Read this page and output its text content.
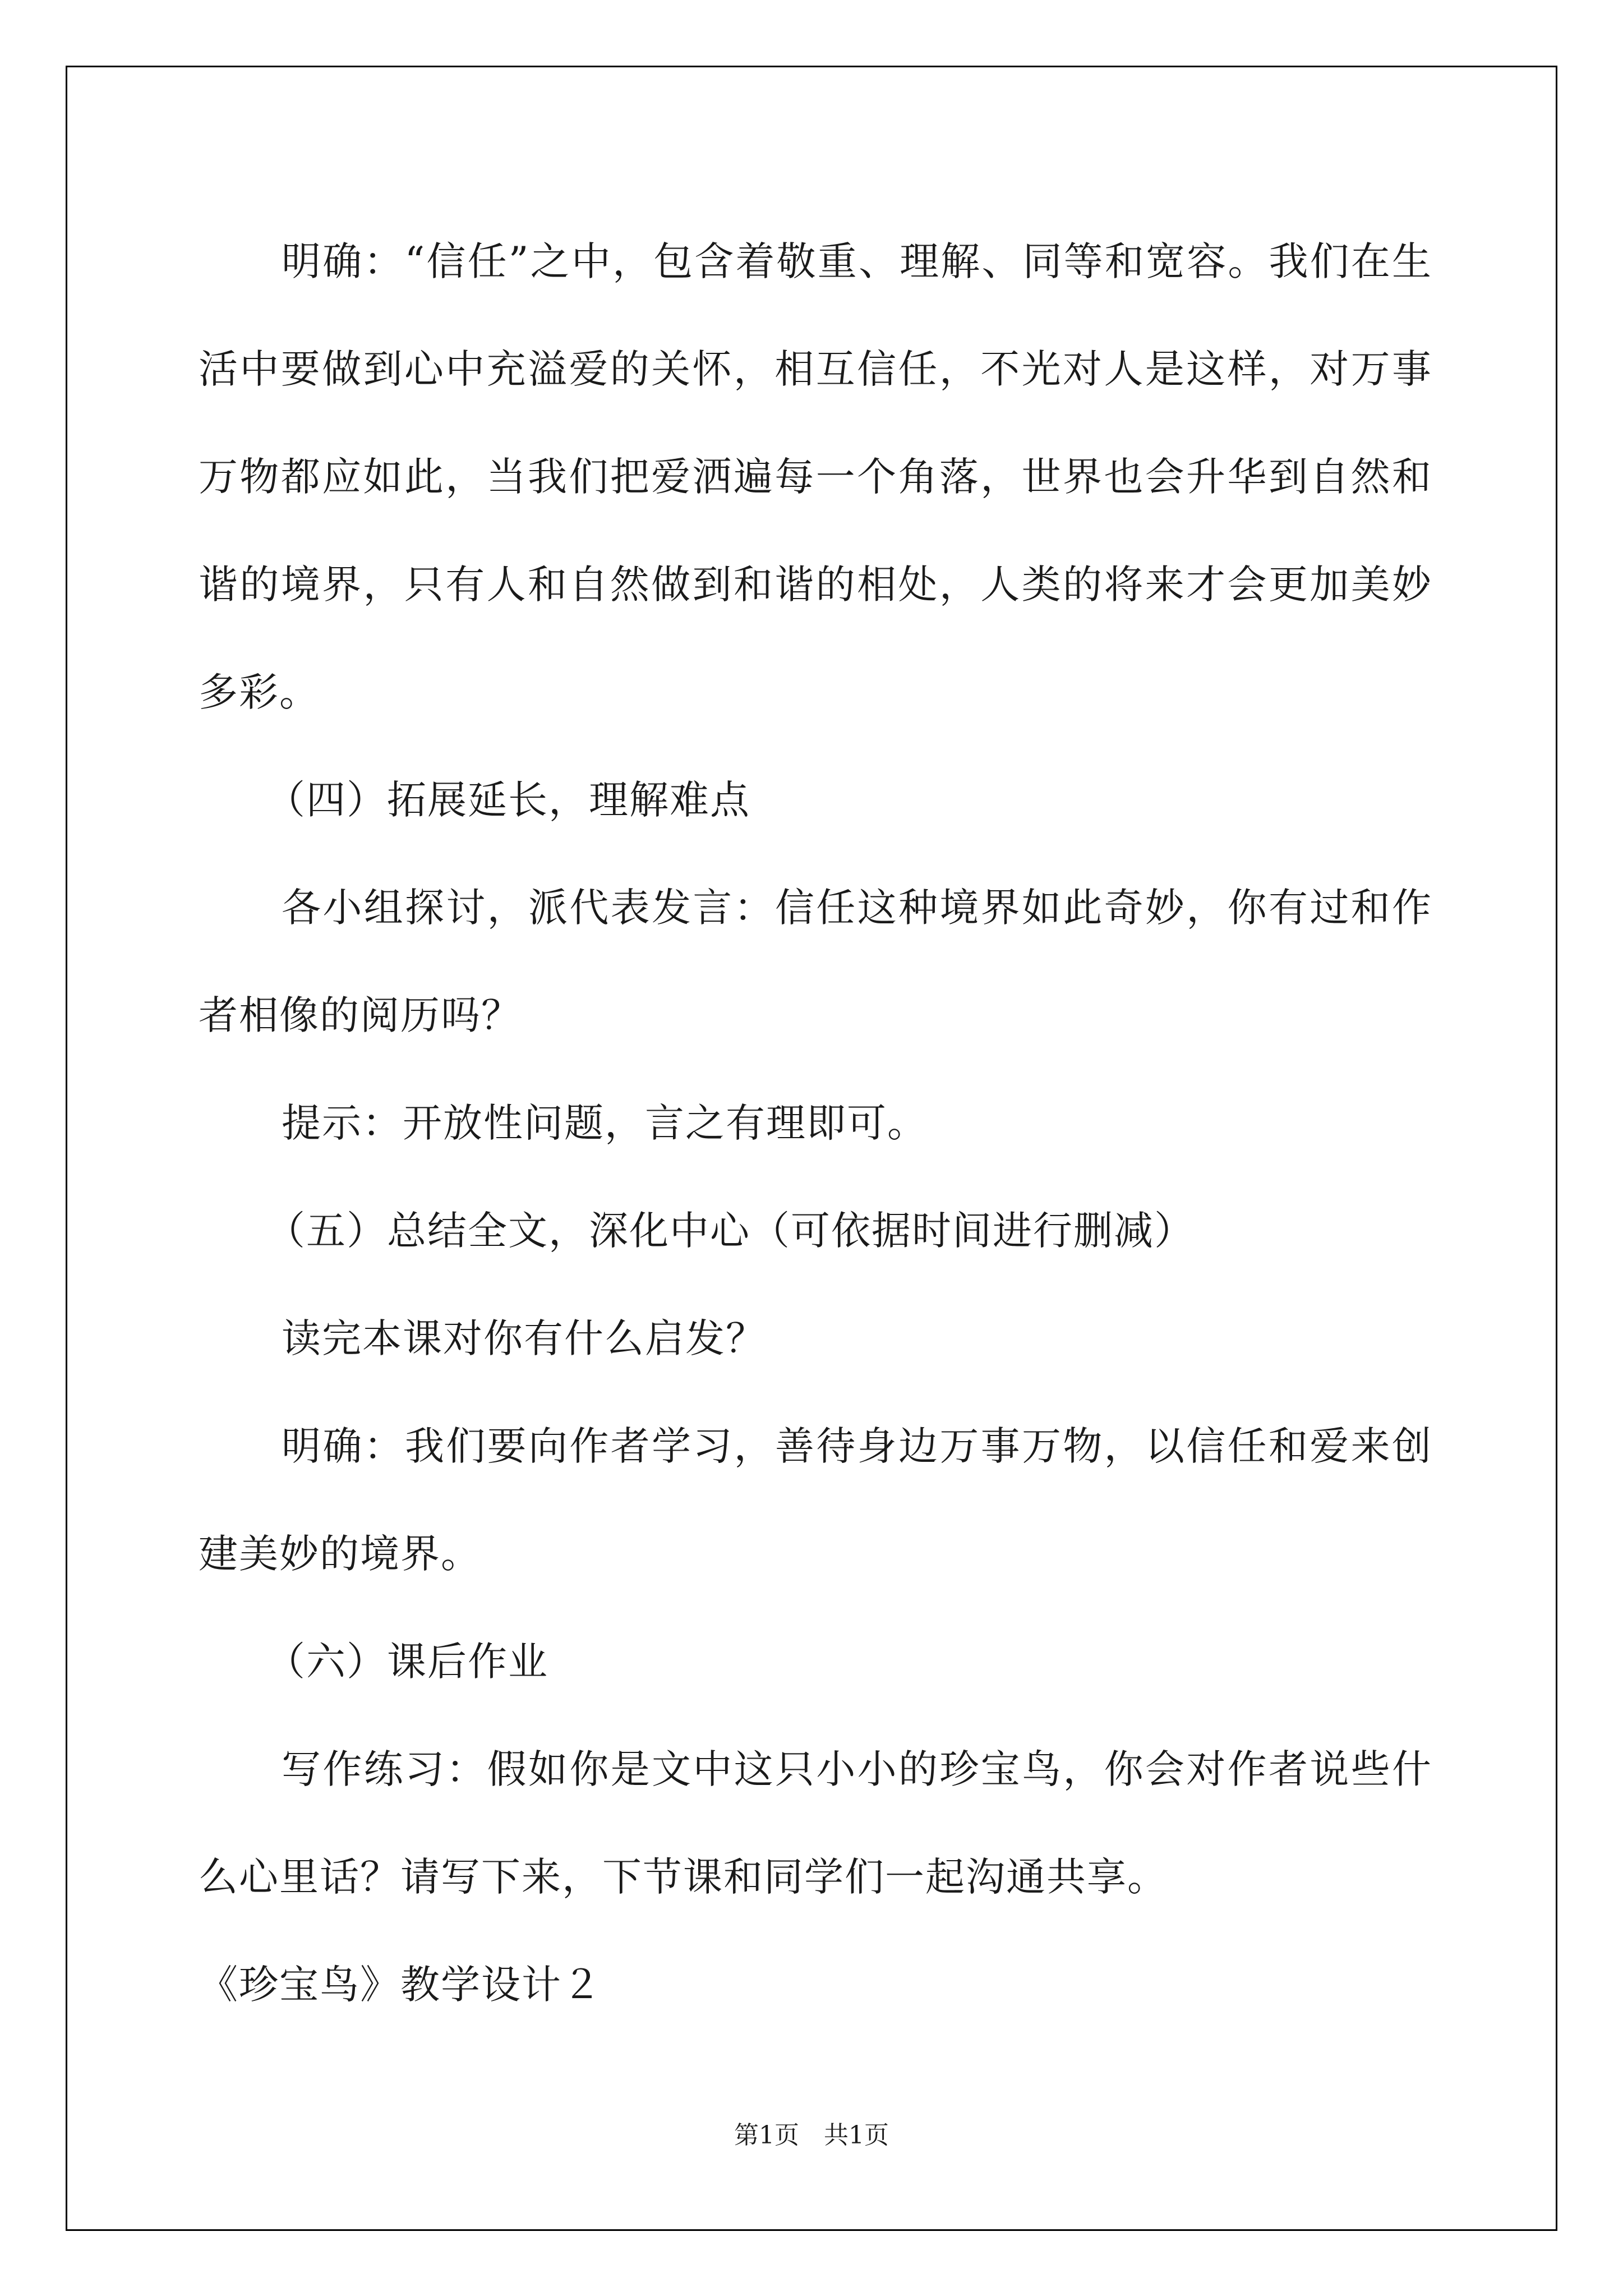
明确：“信任”之中，包含着敬重、理解、同等和宽容。我们在生活中要做到心中充溢爱的关怀，相互信任，不光对人是这样，对万事万物都应如此，当我们把爱洒遍每一个角落，世界也会升华到自然和谐的境界，只有人和自然做到和谐的相处，人类的将来才会更加美妙多彩。

（四）拓展延长，理解难点

各小组探讨，派代表发言：信任这种境界如此奇妙，你有过和作者相像的阅历吗？

提示：开放性问题，言之有理即可。

（五）总结全文，深化中心（可依据时间进行删减）

读完本课对你有什么启发？

明确：我们要向作者学习，善待身边万事万物，以信任和爱来创建美妙的境界。

（六）课后作业

写作练习：假如你是文中这只小小的珍宝鸟，你会对作者说些什么心里话？请写下来，下节课和同学们一起沟通共享。

《珍宝鸟》教学设计２

第1页　共1页
